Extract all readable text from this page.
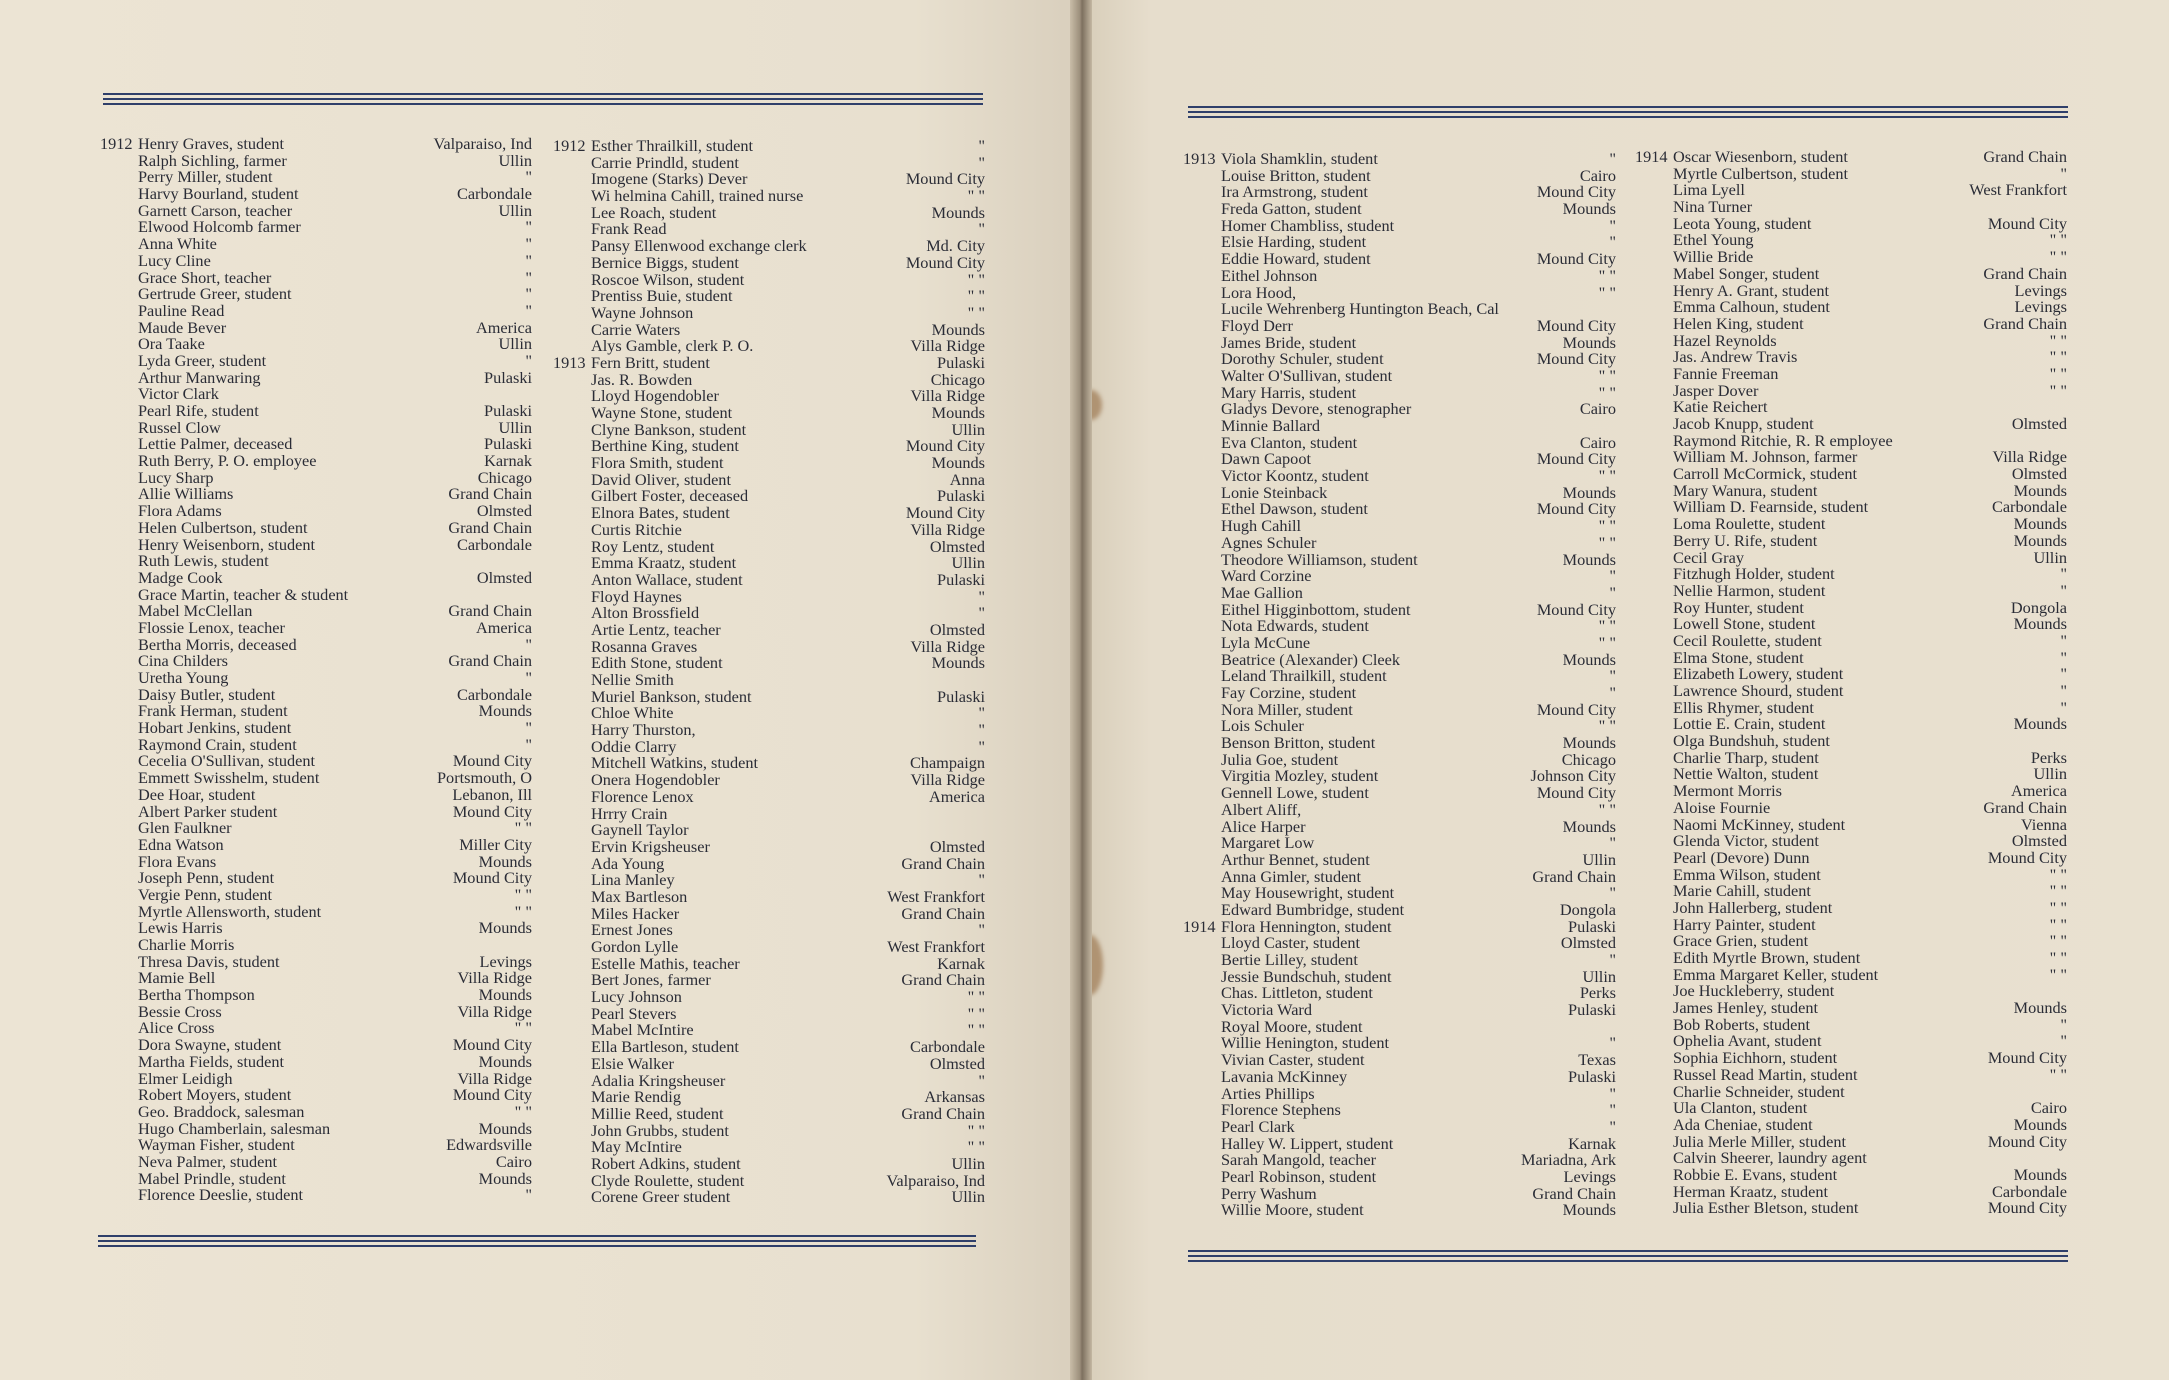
1912 Henry Graves, student	Valparaiso, Ind
Ralph Sichling, farmer	Ullin
Perry Miller, student	"
Harvy Bourland, student	Carbondale
Garnett Carson, teacher	Ullin
Elwood Holcomb farmer	"
Anna White	"
Lucy Cline	"
Grace Short, teacher	"
Gertrude Greer, student	"
Pauline Read	"
Maude Bever	America
Ora Taake	Ullin
Lyda Greer, student	"
Arthur Manwaring	Pulaski
Victor Clark
Pearl Rife, student	Pulaski
Russel Clow	Ullin
Lettie Palmer, deceased	Pulaski
Ruth Berry, P. O. employee	Karnak
Lucy Sharp	Chicago
Allie Williams	Grand Chain
Flora Adams	Olmsted
Helen Culbertson, student	Grand Chain
Henry Weisenborn, student	Carbondale
Ruth Lewis, student
Madge Cook	Olmsted
Grace Martin, teacher & student
Mabel McClellan	Grand Chain
Flossie Lenox, teacher	America
Bertha Morris, deceased	"
Cina Childers	Grand Chain
Uretha Young	"
Daisy Butler, student	Carbondale
Frank Herman, student	Mounds
Hobart Jenkins, student	"
Raymond Crain, student	"
Cecelia O'Sullivan, student	Mound City
Emmett Swisshelm, student	Portsmouth, O
Dee Hoar, student	Lebanon, Ill
Albert Parker student	Mound City
Glen Faulkner	" "
Edna Watson	Miller City
Flora Evans	Mounds
Joseph Penn, student	Mound City
Vergie Penn, student	" "
Myrtle Allensworth, student	" "
Lewis Harris	Mounds
Charlie Morris
Thresa Davis, student	Levings
Mamie Bell	Villa Ridge
Bertha Thompson	Mounds
Bessie Cross	Villa Ridge
Alice Cross	" "
Dora Swayne, student	Mound City
Martha Fields, student	Mounds
Elmer Leidigh	Villa Ridge
Robert Moyers, student	Mound City
Geo. Braddock, salesman	" "
Hugo Chamberlain, salesman	Mounds
Wayman Fisher, student	Edwardsville
Neva Palmer, student	Cairo
Mabel Prindle, student	Mounds
Florence Deeslie, student	"
1912 Esther Thrailkill, student	"
Carrie Prindld, student	"
Imogene (Starks) Dever	Mound City
Wi helmina Cahill, trained nurse	" "
Lee Roach, student	Mounds
Frank Read	"
Pansy Ellenwood exchange clerk	Md. City
Bernice Biggs, student	Mound City
Roscoe Wilson, student	" "
Prentiss Buie, student	" "
Wayne Johnson	" "
Carrie Waters	Mounds
Alys Gamble, clerk P. O.	Villa Ridge
1913 Fern Britt, student	Pulaski
Jas. R. Bowden	Chicago
Lloyd Hogendobler	Villa Ridge
Wayne Stone, student	Mounds
Clyne Bankson, student	Ullin
Berthine King, student	Mound City
Flora Smith, student	Mounds
David Oliver, student	Anna
Gilbert Foster, deceased	Pulaski
Elnora Bates, student	Mound City
Curtis Ritchie	Villa Ridge
Roy Lentz, student	Olmsted
Emma Kraatz, student	Ullin
Anton Wallace, student	Pulaski
Floyd Haynes	"
Alton Brossfield	"
Artie Lentz, teacher	Olmsted
Rosanna Graves	Villa Ridge
Edith Stone, student	Mounds
Nellie Smith
Muriel Bankson, student	Pulaski
Chloe White	"
Harry Thurston,	"
Oddie Clarry	"
Mitchell Watkins, student	Champaign
Onera Hogendobler	Villa Ridge
Florence Lenox	America
Hrrry Crain
Gaynell Taylor
Ervin Krigsheuser	Olmsted
Ada Young	Grand Chain
Lina Manley	"
Max Bartleson	West Frankfort
Miles Hacker	Grand Chain
Ernest Jones	"
Gordon Lylle	West Frankfort
Estelle Mathis, teacher	Karnak
Bert Jones, farmer	Grand Chain
Lucy Johnson	" "
Pearl Stevers	" "
Mabel McIntire	" "
Ella Bartleson, student	Carbondale
Elsie Walker	Olmsted
Adalia Kringsheuser	"
Marie Rendig	Arkansas
Millie Reed, student	Grand Chain
John Grubbs, student	" "
May McIntire	" "
Robert Adkins, student	Ullin
Clyde Roulette, student	Valparaiso, Ind
Corene Greer student	Ullin
1913 Viola Shamklin, student	"
Louise Britton, student	Cairo
Ira Armstrong, student	Mound City
Freda Gatton, student	Mounds
Homer Chambliss, student	"
Elsie Harding, student	"
Eddie Howard, student	Mound City
Eithel Johnson	" "
Lora Hood,	" "
Lucile Wehrenberg Huntington Beach, Cal
Floyd Derr	Mound City
James Bride, student	Mounds
Dorothy Schuler, student	Mound City
Walter O'Sullivan, student	" "
Mary Harris, student	" "
Gladys Devore, stenographer	Cairo
Minnie Ballard
Eva Clanton, student	Cairo
Dawn Capoot	Mound City
Victor Koontz, student	" "
Lonie Steinback	Mounds
Ethel Dawson, student	Mound City
Hugh Cahill	" "
Agnes Schuler	" "
Theodore Williamson, student	Mounds
Ward Corzine	"
Mae Gallion	"
Eithel Higginbottom, student	Mound City
Nota Edwards, student	" "
Lyla McCune	" "
Beatrice (Alexander) Cleek	Mounds
Leland Thrailkill, student	"
Fay Corzine, student	"
Nora Miller, student	Mound City
Lois Schuler	" "
Benson Britton, student	Mounds
Julia Goe, student	Chicago
Virgitia Mozley, student	Johnson City
Gennell Lowe, student	Mound City
Albert Aliff,	" "
Alice Harper	Mounds
Margaret Low	"
Arthur Bennet, student	Ullin
Anna Gimler, student	Grand Chain
May Housewright, student	"
Edward Bumbridge, student	Dongola
1914 Flora Hennington, student	Pulaski
Lloyd Caster, student	Olmsted
Bertie Lilley, student	"
Jessie Bundschuh, student	Ullin
Chas. Littleton, student	Perks
Victoria Ward	Pulaski
Royal Moore, student
Willie Henington, student	"
Vivian Caster, student	Texas
Lavania McKinney	Pulaski
Arties Phillips	"
Florence Stephens	"
Pearl Clark	"
Halley W. Lippert, student	Karnak
Sarah Mangold, teacher	Mariadna, Ark
Pearl Robinson, student	Levings
Perry Washum	Grand Chain
Willie Moore, student	Mounds
1914 Oscar Wiesenborn, student	Grand Chain
Myrtle Culbertson, student	"
Lima Lyell	West Frankfort
Nina Turner
Leota Young, student	Mound City
Ethel Young	" "
Willie Bride	" "
Mabel Songer, student	Grand Chain
Henry A. Grant, student	Levings
Emma Calhoun, student	Levings
Helen King, student	Grand Chain
Hazel Reynolds	" "
Jas. Andrew Travis	" "
Fannie Freeman	" "
Jasper Dover	" "
Katie Reichert
Jacob Knupp, student	Olmsted
Raymond Ritchie, R. R employee
William M. Johnson, farmer	Villa Ridge
Carroll McCormick, student	Olmsted
Mary Wanura, student	Mounds
William D. Fearnside, student	Carbondale
Loma Roulette, student	Mounds
Berry U. Rife, student	Mounds
Cecil Gray	Ullin
Fitzhugh Holder, student	"
Nellie Harmon, student	"
Roy Hunter, student	Dongola
Lowell Stone, student	Mounds
Cecil Roulette, student	"
Elma Stone, student	"
Elizabeth Lowery, student	"
Lawrence Shourd, student	"
Ellis Rhymer, student	"
Lottie E. Crain, student	Mounds
Olga Bundshuh, student
Charlie Tharp, student	Perks
Nettie Walton, student	Ullin
Mermont Morris	America
Aloise Fournie	Grand Chain
Naomi McKinney, student	Vienna
Glenda Victor, student	Olmsted
Pearl (Devore) Dunn	Mound City
Emma Wilson, student	" "
Marie Cahill, student	" "
John Hallerberg, student	" "
Harry Painter, student	" "
Grace Grien, student	" "
Edith Myrtle Brown, student	" "
Emma Margaret Keller, student	" "
Joe Huckleberry, student
James Henley, student	Mounds
Bob Roberts, student	"
Ophelia Avant, student	"
Sophia Eichhorn, student	Mound City
Russel Read Martin, student	" "
Charlie Schneider, student
Ula Clanton, student	Cairo
Ada Cheniae, student	Mounds
Julia Merle Miller, student	Mound City
Calvin Sheerer, laundry agent
Robbie E. Evans, student	Mounds
Herman Kraatz, student	Carbondale
Julia Esther Bletson, student	Mound City
